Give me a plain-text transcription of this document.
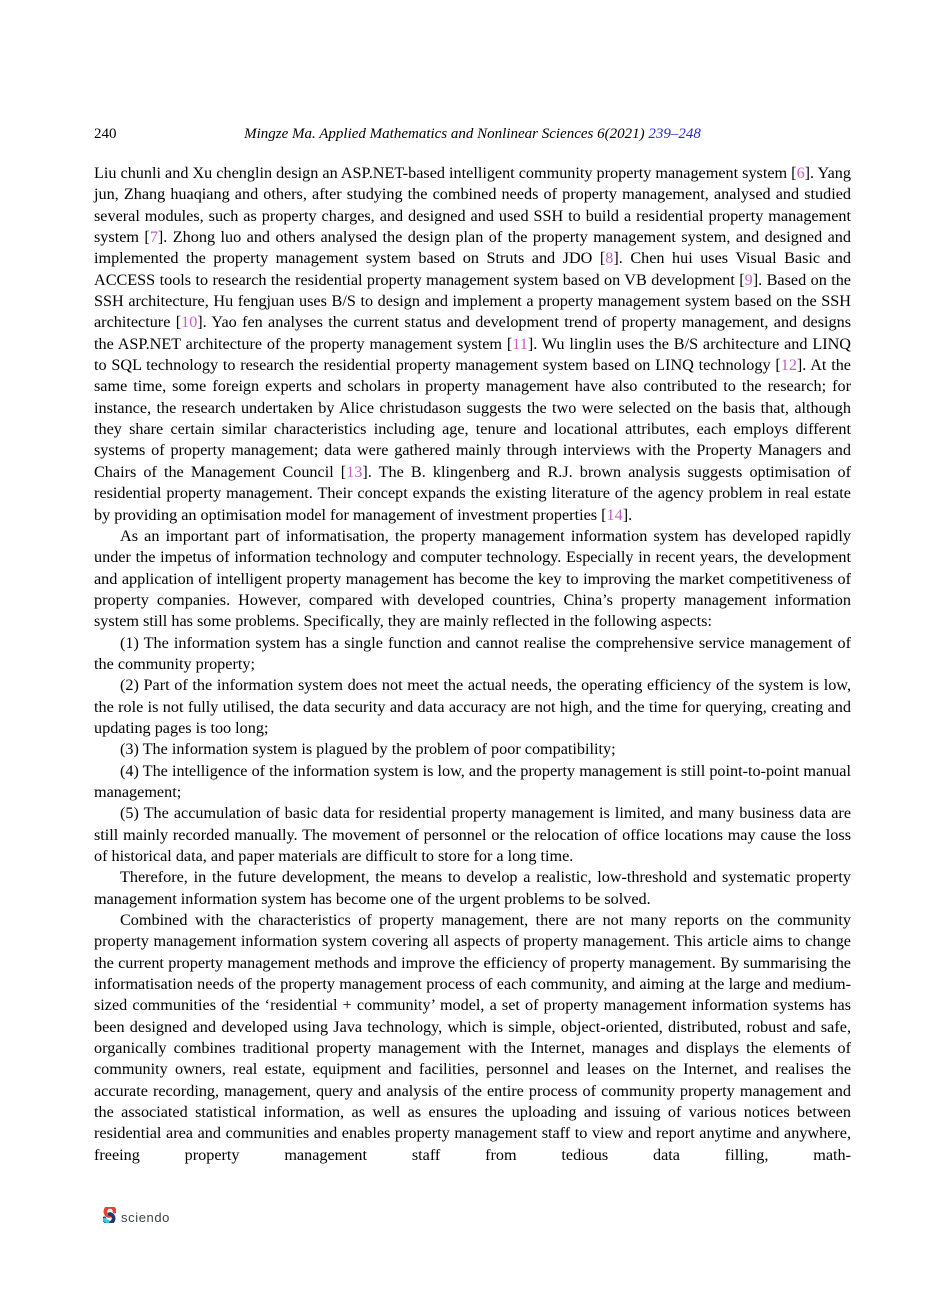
240	Mingze Ma. Applied Mathematics and Nonlinear Sciences 6(2021) 239–248

Liu chunli and Xu chenglin design an ASP.NET-based intelligent community property management system [6]. Yang jun, Zhang huaqiang and others, after studying the combined needs of property management, analysed and studied several modules, such as property charges, and designed and used SSH to build a residential property management system [7]. Zhong luo and others analysed the design plan of the property management system, and designed and implemented the property management system based on Struts and JDO [8]. Chen hui uses Visual Basic and ACCESS tools to research the residential property management system based on VB development [9]. Based on the SSH architecture, Hu fengjuan uses B/S to design and implement a property management system based on the SSH architecture [10]. Yao fen analyses the current status and development trend of property management, and designs the ASP.NET architecture of the property management system [11]. Wu linglin uses the B/S architecture and LINQ to SQL technology to research the residential property management system based on LINQ technology [12]. At the same time, some foreign experts and scholars in property management have also contributed to the research; for instance, the research undertaken by Alice christudason suggests the two were selected on the basis that, although they share certain similar characteristics including age, tenure and locational attributes, each employs different systems of property management; data were gathered mainly through interviews with the Property Managers and Chairs of the Management Council [13]. The B. klingenberg and R.J. brown analysis suggests optimisation of residential property management. Their concept expands the existing literature of the agency problem in real estate by providing an optimisation model for management of investment properties [14].

As an important part of informatisation, the property management information system has developed rapidly under the impetus of information technology and computer technology. Especially in recent years, the development and application of intelligent property management has become the key to improving the market competitiveness of property companies. However, compared with developed countries, China’s property management information system still has some problems. Specifically, they are mainly reflected in the following aspects:

(1) The information system has a single function and cannot realise the comprehensive service management of the community property;

(2) Part of the information system does not meet the actual needs, the operating efficiency of the system is low, the role is not fully utilised, the data security and data accuracy are not high, and the time for querying, creating and updating pages is too long;

(3) The information system is plagued by the problem of poor compatibility;

(4) The intelligence of the information system is low, and the property management is still point-to-point manual management;

(5) The accumulation of basic data for residential property management is limited, and many business data are still mainly recorded manually. The movement of personnel or the relocation of office locations may cause the loss of historical data, and paper materials are difficult to store for a long time.

Therefore, in the future development, the means to develop a realistic, low-threshold and systematic property management information system has become one of the urgent problems to be solved.

Combined with the characteristics of property management, there are not many reports on the community property management information system covering all aspects of property management. This article aims to change the current property management methods and improve the efficiency of property management. By summarising the informatisation needs of the property management process of each community, and aiming at the large and medium-sized communities of the ‘residential + community’ model, a set of property management information systems has been designed and developed using Java technology, which is simple, object-oriented, distributed, robust and safe, organically combines traditional property management with the Internet, manages and displays the elements of community owners, real estate, equipment and facilities, personnel and leases on the Internet, and realises the accurate recording, management, query and analysis of the entire process of community property management and the associated statistical information, as well as ensures the uploading and issuing of various notices between residential area and communities and enables property management staff to view and report anytime and anywhere, freeing property management staff from tedious data filling, math-

sciendo
